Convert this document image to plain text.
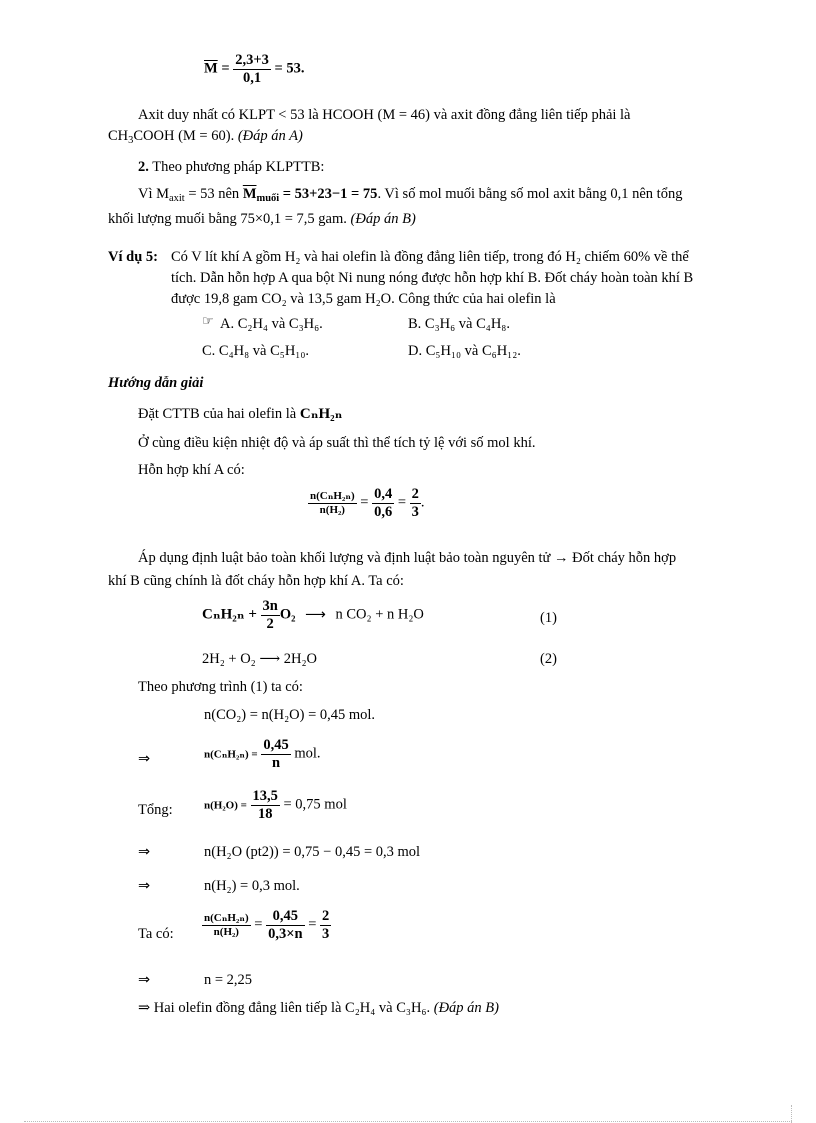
$\overline{M} = \frac{2,3+3}{0,1} = 53$.
Axit duy nhất có KLPT < 53 là HCOOH (M = 46) và axit đồng đẳng liên tiếp phải là
$CH_3COOH$ (M = 60). (Đáp án A)
2. Theo phương pháp KLPTTB:
Vì $M_{axit} = 53$ nên $\overline{M}_{muối} = 53+23-1 = 75$. Vì số mol muối bằng số mol axit bằng 0,1 nên tổng
khối lượng muối bằng 75×0,1 = 7,5 gam. (Đáp án B)
Ví dụ 5: Có V lít khí A gồm H₂ và hai olefin là đồng đẳng liên tiếp, trong đó H₂ chiếm 60% về thể
tích. Dẫn hỗn hợp A qua bột Ni nung nóng được hỗn hợp khí B. Đốt cháy hoàn toàn khí B
được 19,8 gam CO₂ và 13,5 gam H₂O. Công thức của hai olefin là
☞ A. C₂H₄ và C₃H₆.	B. C₃H₆ và C₄H₈.
C. C₄H₈ và C₅H₁₀.	D. C₅H₁₀ và C₆H₁₂.
Hướng dẫn giải
Đặt CTTB của hai olefin là CₙH₂ₙ
Ở cùng điều kiện nhiệt độ và áp suất thì thể tích tỷ lệ với số mol khí.
Hỗn hợp khí A có:
$\frac{\text{n(CₙH₂ₙ)}}{\text{n(H₂)}} = \frac{0,4}{0,6} = \frac{2}{3}$ .
Áp dụng định luật bảo toàn khối lượng và định luật bảo toàn nguyên tử → Đốt cháy hỗn hợp
khí B cũng chính là đốt cháy hỗn hợp khí A. Ta có:
$C_nH_{2n} + \frac{3n}{2} O_2$ ⟶ n CO₂ + n H₂O	(1)
2H₂ + O₂ ⟶ 2H₂O	(2)
Theo phương trình (1) ta có:
n(CO₂) = n(H₂O) = 0,45 mol.
⇒	$n(C_nH_{2n}) = \frac{0,45}{n}$ mol.
Tổng:	$n(H_2O) = \frac{13,5}{18} = 0,75$ mol
⇒	n(H₂O (pt2)) = 0,75 − 0,45 = 0,3 mol
⇒	n(H₂) = 0,3 mol.
Ta có:	$\frac{\text{n(CₙH₂ₙ)}}{\text{n(H₂)}} = \frac{0,45}{0,3\times n} = \frac{2}{3}$
⇒	n = 2,25
⇒ Hai olefin đồng đẳng liên tiếp là C₂H₄ và C₃H₆. (Đáp án B)
